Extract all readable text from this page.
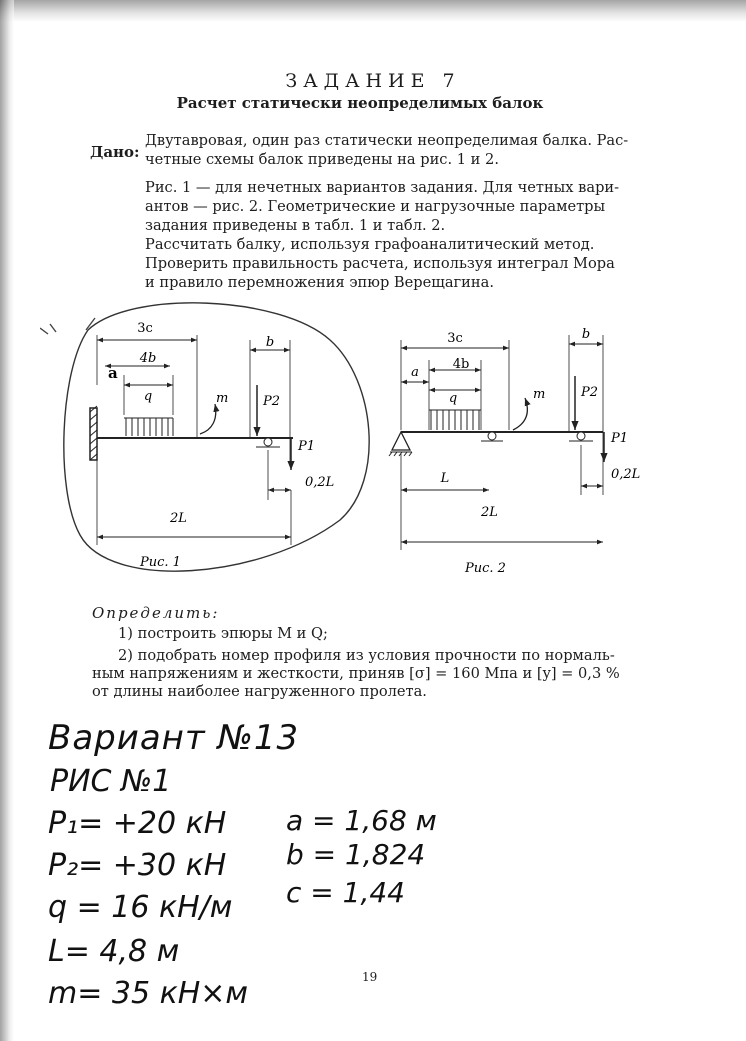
ЗАДАНИЕ 7
Расчет статически неопределимых балок
Дано:
Двутавровая, один раз статически неопределимая балка. Рас-
четные схемы балок приведены на рис. 1 и 2.
Рис. 1 — для нечетных вариантов задания. Для четных вари-
антов — рис. 2. Геометрические и нагрузочные параметры
задания приведены в табл. 1 и табл. 2.
Рассчитать балку, используя графоаналитический метод.
Проверить правильность расчета, используя интеграл Мора
и правило перемножения эпюр Верещагина.
3c
4b
a
q	m
b
P2
P1
0,2L
2L
Рис. 1
3c
a
4b
q	m
b
P2
P1
L	0,2L
2L
Рис. 2
Определить:
1) построить эпюры M и Q;
2) подобрать номер профиля из условия прочности по нормаль-
ным напряжениям и жесткости, приняв [σ] = 160 Мпа и [y] = 0,3 %
от длины наиболее нагруженного пролета.
Вариант №13
РИС №1
P₁= +20 кН
P₂= +30 кН
q = 16 кН/м
L= 4,8 м
m= 35 кН×м
a = 1,68 м
b = 1,824
c = 1,44
19
